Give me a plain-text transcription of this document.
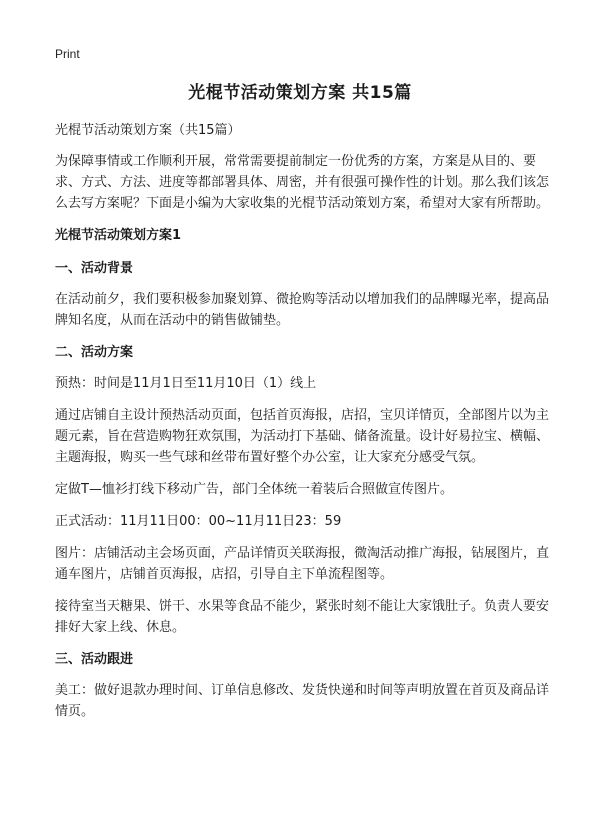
Print
光棍节活动策划方案 共15篇

光棍节活动策划方案（共15篇）

为保障事情或工作顺利开展，常常需要提前制定一份优秀的方案，方案是从目的、要求、方式、方法、进度等都部署具体、周密，并有很强可操作性的计划。那么我们该怎么去写方案呢？下面是小编为大家收集的光棍节活动策划方案，希望对大家有所帮助。

光棍节活动策划方案1

一、活动背景

在活动前夕，我们要积极参加聚划算、微抢购等活动以增加我们的品牌曝光率，提高品牌知名度，从而在活动中的销售做铺垫。

二、活动方案

预热：时间是11月1日至11月10日（1）线上

通过店铺自主设计预热活动页面，包括首页海报，店招，宝贝详情页，全部图片以为主题元素，旨在营造购物狂欢氛围，为活动打下基础、储备流量。设计好易拉宝、横幅、主题海报，购买一些气球和丝带布置好整个办公室，让大家充分感受气氛。

定做T—恤衫打线下移动广告，部门全体统一着装后合照做宣传图片。

正式活动：11月11日00：00~11月11日23：59

图片：店铺活动主会场页面，产品详情页关联海报，微淘活动推广海报，钻展图片，直通车图片，店铺首页海报，店招，引导自主下单流程图等。

接待室当天糖果、饼干、水果等食品不能少，紧张时刻不能让大家饿肚子。负责人要安排好大家上线、休息。

三、活动跟进

美工：做好退款办理时间、订单信息修改、发货快递和时间等声明放置在首页及商品详情页。
